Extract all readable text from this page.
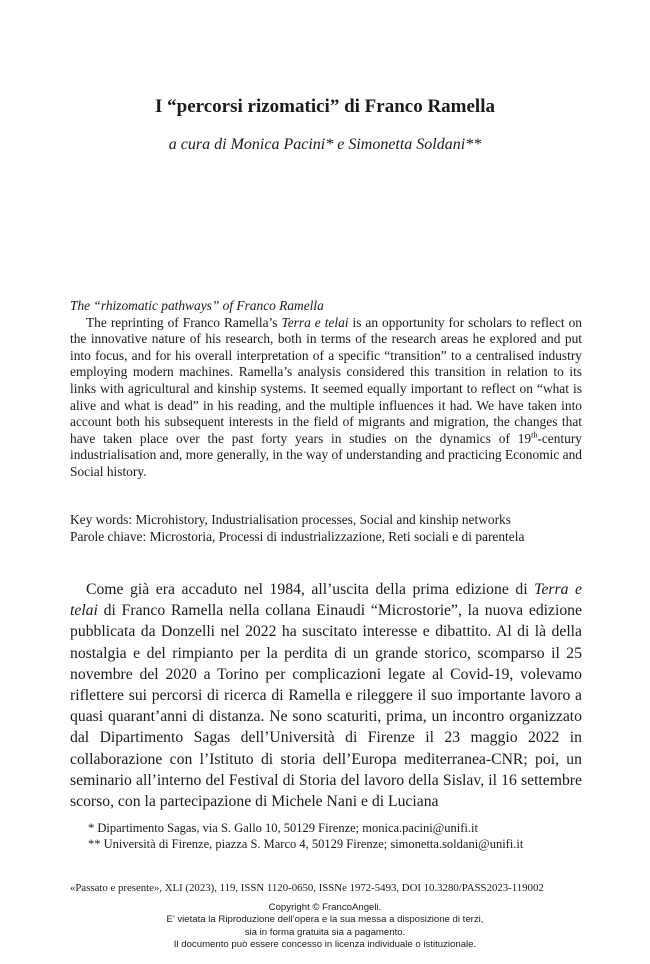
I “percorsi rizomatici” di Franco Ramella
a cura di Monica Pacini* e Simonetta Soldani**

The “rhizomatic pathways” of Franco Ramella

The reprinting of Franco Ramella’s Terra e telai is an opportunity for scholars to reflect on the innovative nature of his research, both in terms of the research areas he explored and put into focus, and for his overall interpretation of a specific “transition” to a centralised industry employing modern machines. Ramella’s analysis considered this transition in relation to its links with agricultural and kinship systems. It seemed equally important to reflect on “what is alive and what is dead” in his reading, and the multiple influences it had. We have taken into account both his subsequent interests in the field of migrants and migration, the changes that have taken place over the past forty years in studies on the dynamics of 19th-century industrialisation and, more generally, in the way of understanding and practicing Economic and Social history.

Key words: Microhistory, Industrialisation processes, Social and kinship networks
Parole chiave: Microstoria, Processi di industrializzazione, Reti sociali e di parentela

Come già era accaduto nel 1984, all’uscita della prima edizione di Terra e telai di Franco Ramella nella collana Einaudi “Microstorie”, la nuova edizione pubblicata da Donzelli nel 2022 ha suscitato interesse e dibattito. Al di là della nostalgia e del rimpianto per la perdita di un grande storico, scomparso il 25 novembre del 2020 a Torino per complicazioni legate al Covid-19, volevamo riflettere sui percorsi di ricerca di Ramella e rileggere il suo importante lavoro a quasi quarant’anni di distanza. Ne sono scaturiti, prima, un incontro organizzato dal Dipartimento Sagas dell’Università di Firenze il 23 maggio 2022 in collaborazione con l’Istituto di storia dell’Europa mediterranea-CNR; poi, un seminario all’interno del Festival di Storia del lavoro della Sislav, il 16 settembre scorso, con la partecipazione di Michele Nani e di Luciana

* Dipartimento Sagas, via S. Gallo 10, 50129 Firenze; monica.pacini@unifi.it
** Università di Firenze, piazza S. Marco 4, 50129 Firenze; simonetta.soldani@unifi.it
«Passato e presente», XLI (2023), 119, ISSN 1120-0650, ISSNe 1972-5493, DOI 10.3280/PASS2023-119002
Copyright © FrancoAngeli.
E’ vietata la Riproduzione dell’opera e la sua messa a disposizione di terzi,
sia in forma gratuita sia a pagamento.
Il documento può essere concesso in licenza individuale o istituzionale.
